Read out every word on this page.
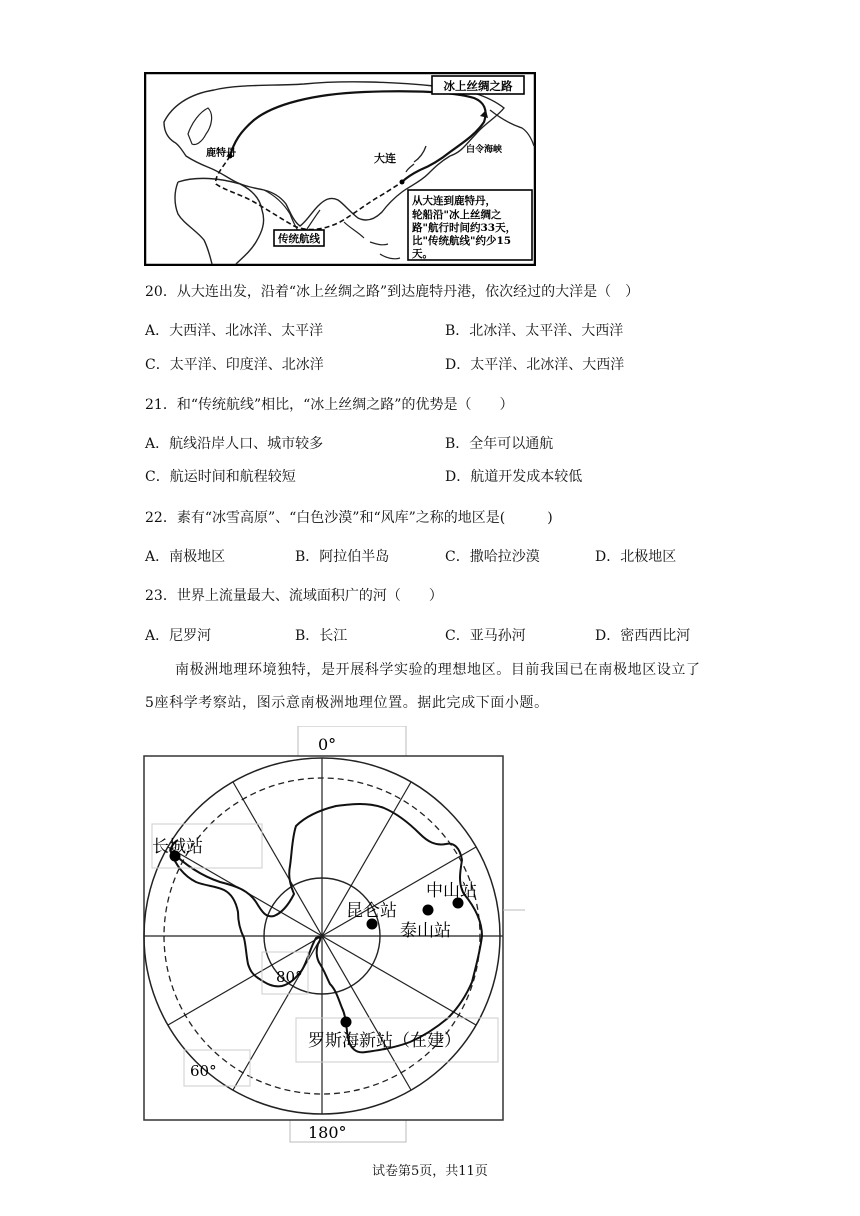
冰上丝绸之路
鹿特丹	大连
白令海峡
传统航线
从大连到鹿特丹，
轮船沿"冰上丝绸之
路"航行时间约33天，
比"传统航线"约少15
天。
20．从大连出发，沿着“冰上丝绸之路”到达鹿特丹港，依次经过的大洋是（　）
A．大西洋、北冰洋、太平洋	B．北冰洋、太平洋、大西洋
C．太平洋、印度洋、北冰洋	D．太平洋、北冰洋、大西洋
21．和“传统航线”相比，“冰上丝绸之路”的优势是（　　）
A．航线沿岸人口、城市较多	B．全年可以通航
C．航运时间和航程较短	D．航道开发成本较低
22．素有“冰雪高原”、“白色沙漠”和“风库”之称的地区是(　　　)
A．南极地区	B．阿拉伯半岛	C．撒哈拉沙漠	D．北极地区
23．世界上流量最大、流域面积广的河（　　）
A．尼罗河	B．长江	C．亚马孙河	D．密西西比河
南极洲地理环境独特，是开展科学实验的理想地区。目前我国已在南极地区设立了
5座科学考察站，图示意南极洲地理位置。据此完成下面小题。
0°
180°
长城站
昆仑站
泰山站
中山站
罗斯海新站（在建）
80°
60°
试卷第5页，共11页
